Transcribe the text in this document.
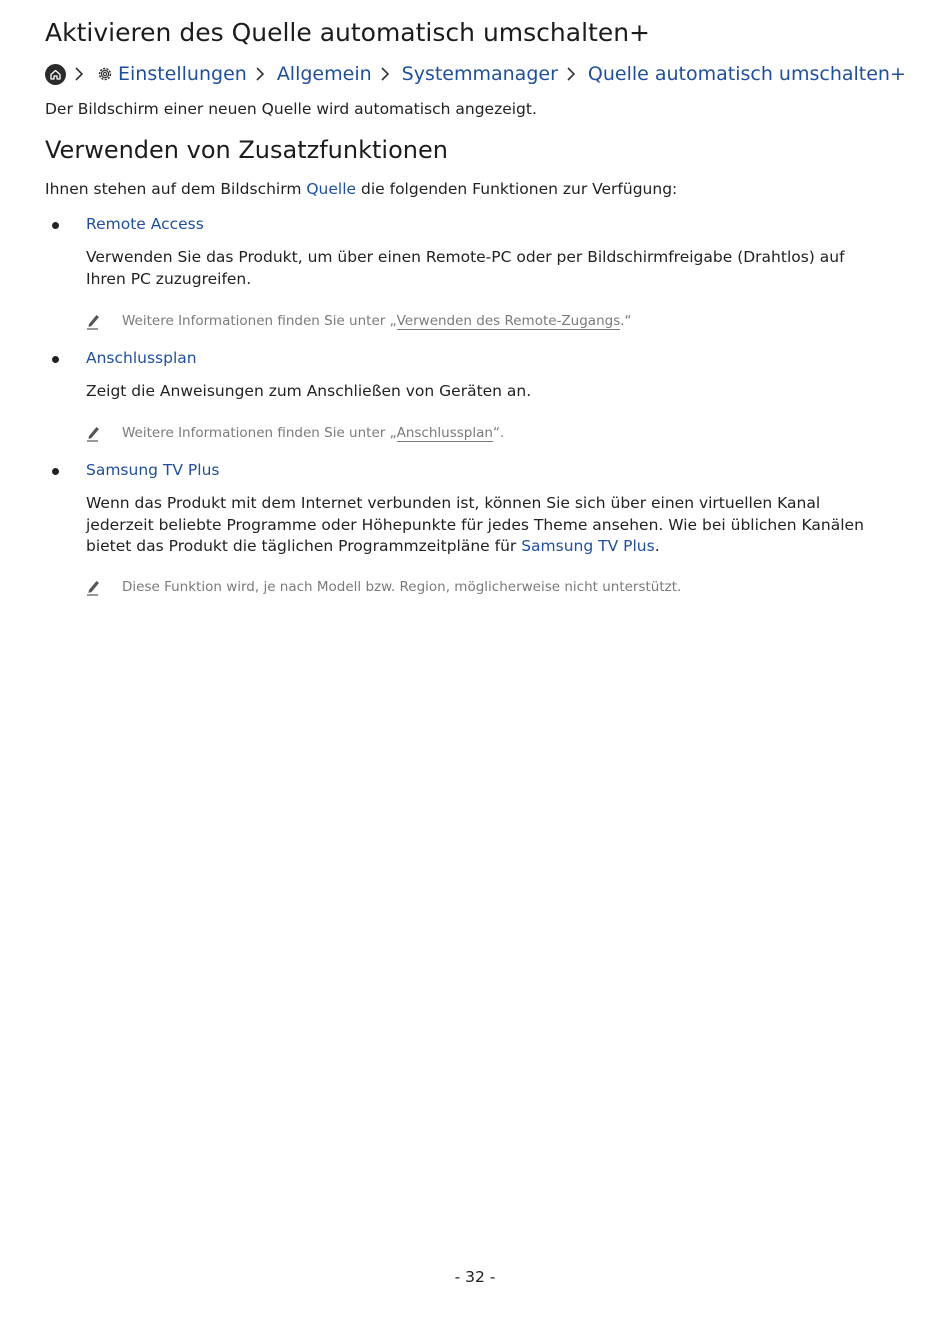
Aktivieren des Quelle automatisch umschalten+
Einstellungen Allgemein Systemmanager Quelle automatisch umschalten+

Der Bildschirm einer neuen Quelle wird automatisch angezeigt.

Verwenden von Zusatzfunktionen

Ihnen stehen auf dem Bildschirm Quelle die folgenden Funktionen zur Verfügung:

Remote Access

Verwenden Sie das Produkt, um über einen Remote-PC oder per Bildschirmfreigabe (Drahtlos) auf Ihren PC zuzugreifen.

Weitere Informationen finden Sie unter „ Verwenden des Remote-Zugangs .“

Anschlussplan

Zeigt die Anweisungen zum Anschließen von Geräten an.

Weitere Informationen finden Sie unter „ Anschlussplan “.

Samsung TV Plus

Wenn das Produkt mit dem Internet verbunden ist, können Sie sich über einen virtuellen Kanal jederzeit beliebte Programme oder Höhepunkte für jedes Theme ansehen. Wie bei üblichen Kanälen bietet das Produkt die täglichen Programmzeitpläne für Samsung TV Plus.

Diese Funktion wird, je nach Modell bzw. Region, möglicherweise nicht unterstützt.
- 32 -
